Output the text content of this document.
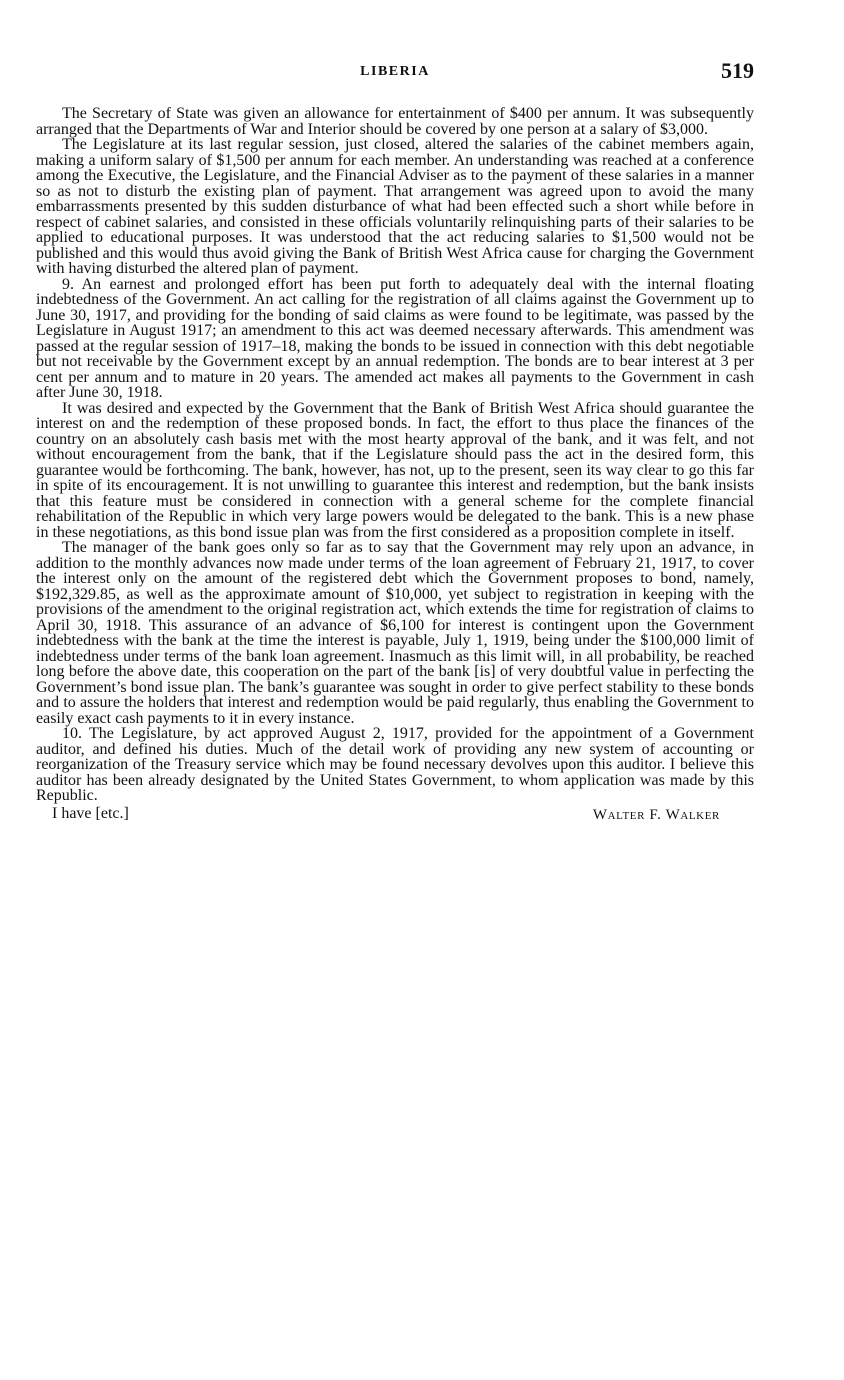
LIBERIA	519

The Secretary of State was given an allowance for entertainment of $400 per annum. It was subsequently arranged that the Departments of War and Interior should be covered by one person at a salary of $3,000.

The Legislature at its last regular session, just closed, altered the salaries of the cabinet members again, making a uniform salary of $1,500 per annum for each member. An understanding was reached at a conference among the Executive, the Legislature, and the Financial Adviser as to the payment of these salaries in a manner so as not to disturb the existing plan of payment. That arrangement was agreed upon to avoid the many embarrassments presented by this sudden disturbance of what had been effected such a short while before in respect of cabinet salaries, and consisted in these officials voluntarily relinquishing parts of their salaries to be applied to educational purposes. It was understood that the act reducing salaries to $1,500 would not be published and this would thus avoid giving the Bank of British West Africa cause for charging the Government with having disturbed the altered plan of payment.

9. An earnest and prolonged effort has been put forth to adequately deal with the internal floating indebtedness of the Government. An act calling for the registration of all claims against the Government up to June 30, 1917, and providing for the bonding of said claims as were found to be legitimate, was passed by the Legislature in August 1917; an amendment to this act was deemed necessary afterwards. This amendment was passed at the regular session of 1917–18, making the bonds to be issued in connection with this debt negotiable but not receivable by the Government except by an annual redemption. The bonds are to bear interest at 3 per cent per annum and to mature in 20 years. The amended act makes all payments to the Government in cash after June 30, 1918.

It was desired and expected by the Government that the Bank of British West Africa should guarantee the interest on and the redemption of these proposed bonds. In fact, the effort to thus place the finances of the country on an absolutely cash basis met with the most hearty approval of the bank, and it was felt, and not without encouragement from the bank, that if the Legislature should pass the act in the desired form, this guarantee would be forthcoming. The bank, however, has not, up to the present, seen its way clear to go this far in spite of its encouragement. It is not unwilling to guarantee this interest and redemption, but the bank insists that this feature must be considered in connection with a general scheme for the complete financial rehabilitation of the Republic in which very large powers would be delegated to the bank. This is a new phase in these negotiations, as this bond issue plan was from the first considered as a proposition complete in itself.

The manager of the bank goes only so far as to say that the Government may rely upon an advance, in addition to the monthly advances now made under terms of the loan agreement of February 21, 1917, to cover the interest only on the amount of the registered debt which the Government proposes to bond, namely, $192,329.85, as well as the approximate amount of $10,000, yet subject to registration in keeping with the provisions of the amendment to the original registration act, which extends the time for registration of claims to April 30, 1918. This assurance of an advance of $6,100 for interest is contingent upon the Government indebtedness with the bank at the time the interest is payable, July 1, 1919, being under the $100,000 limit of indebtedness under terms of the bank loan agreement. Inasmuch as this limit will, in all probability, be reached long before the above date, this cooperation on the part of the bank [is] of very doubtful value in perfecting the Government’s bond issue plan. The bank’s guarantee was sought in order to give perfect stability to these bonds and to assure the holders that interest and redemption would be paid regularly, thus enabling the Government to easily exact cash payments to it in every instance.

10. The Legislature, by act approved August 2, 1917, provided for the appointment of a Government auditor, and defined his duties. Much of the detail work of providing any new system of accounting or reorganization of the Treasury service which may be found necessary devolves upon this auditor. I believe this auditor has been already designated by the United States Government, to whom application was made by this Republic.

I have [etc.]	Walter F. Walker
